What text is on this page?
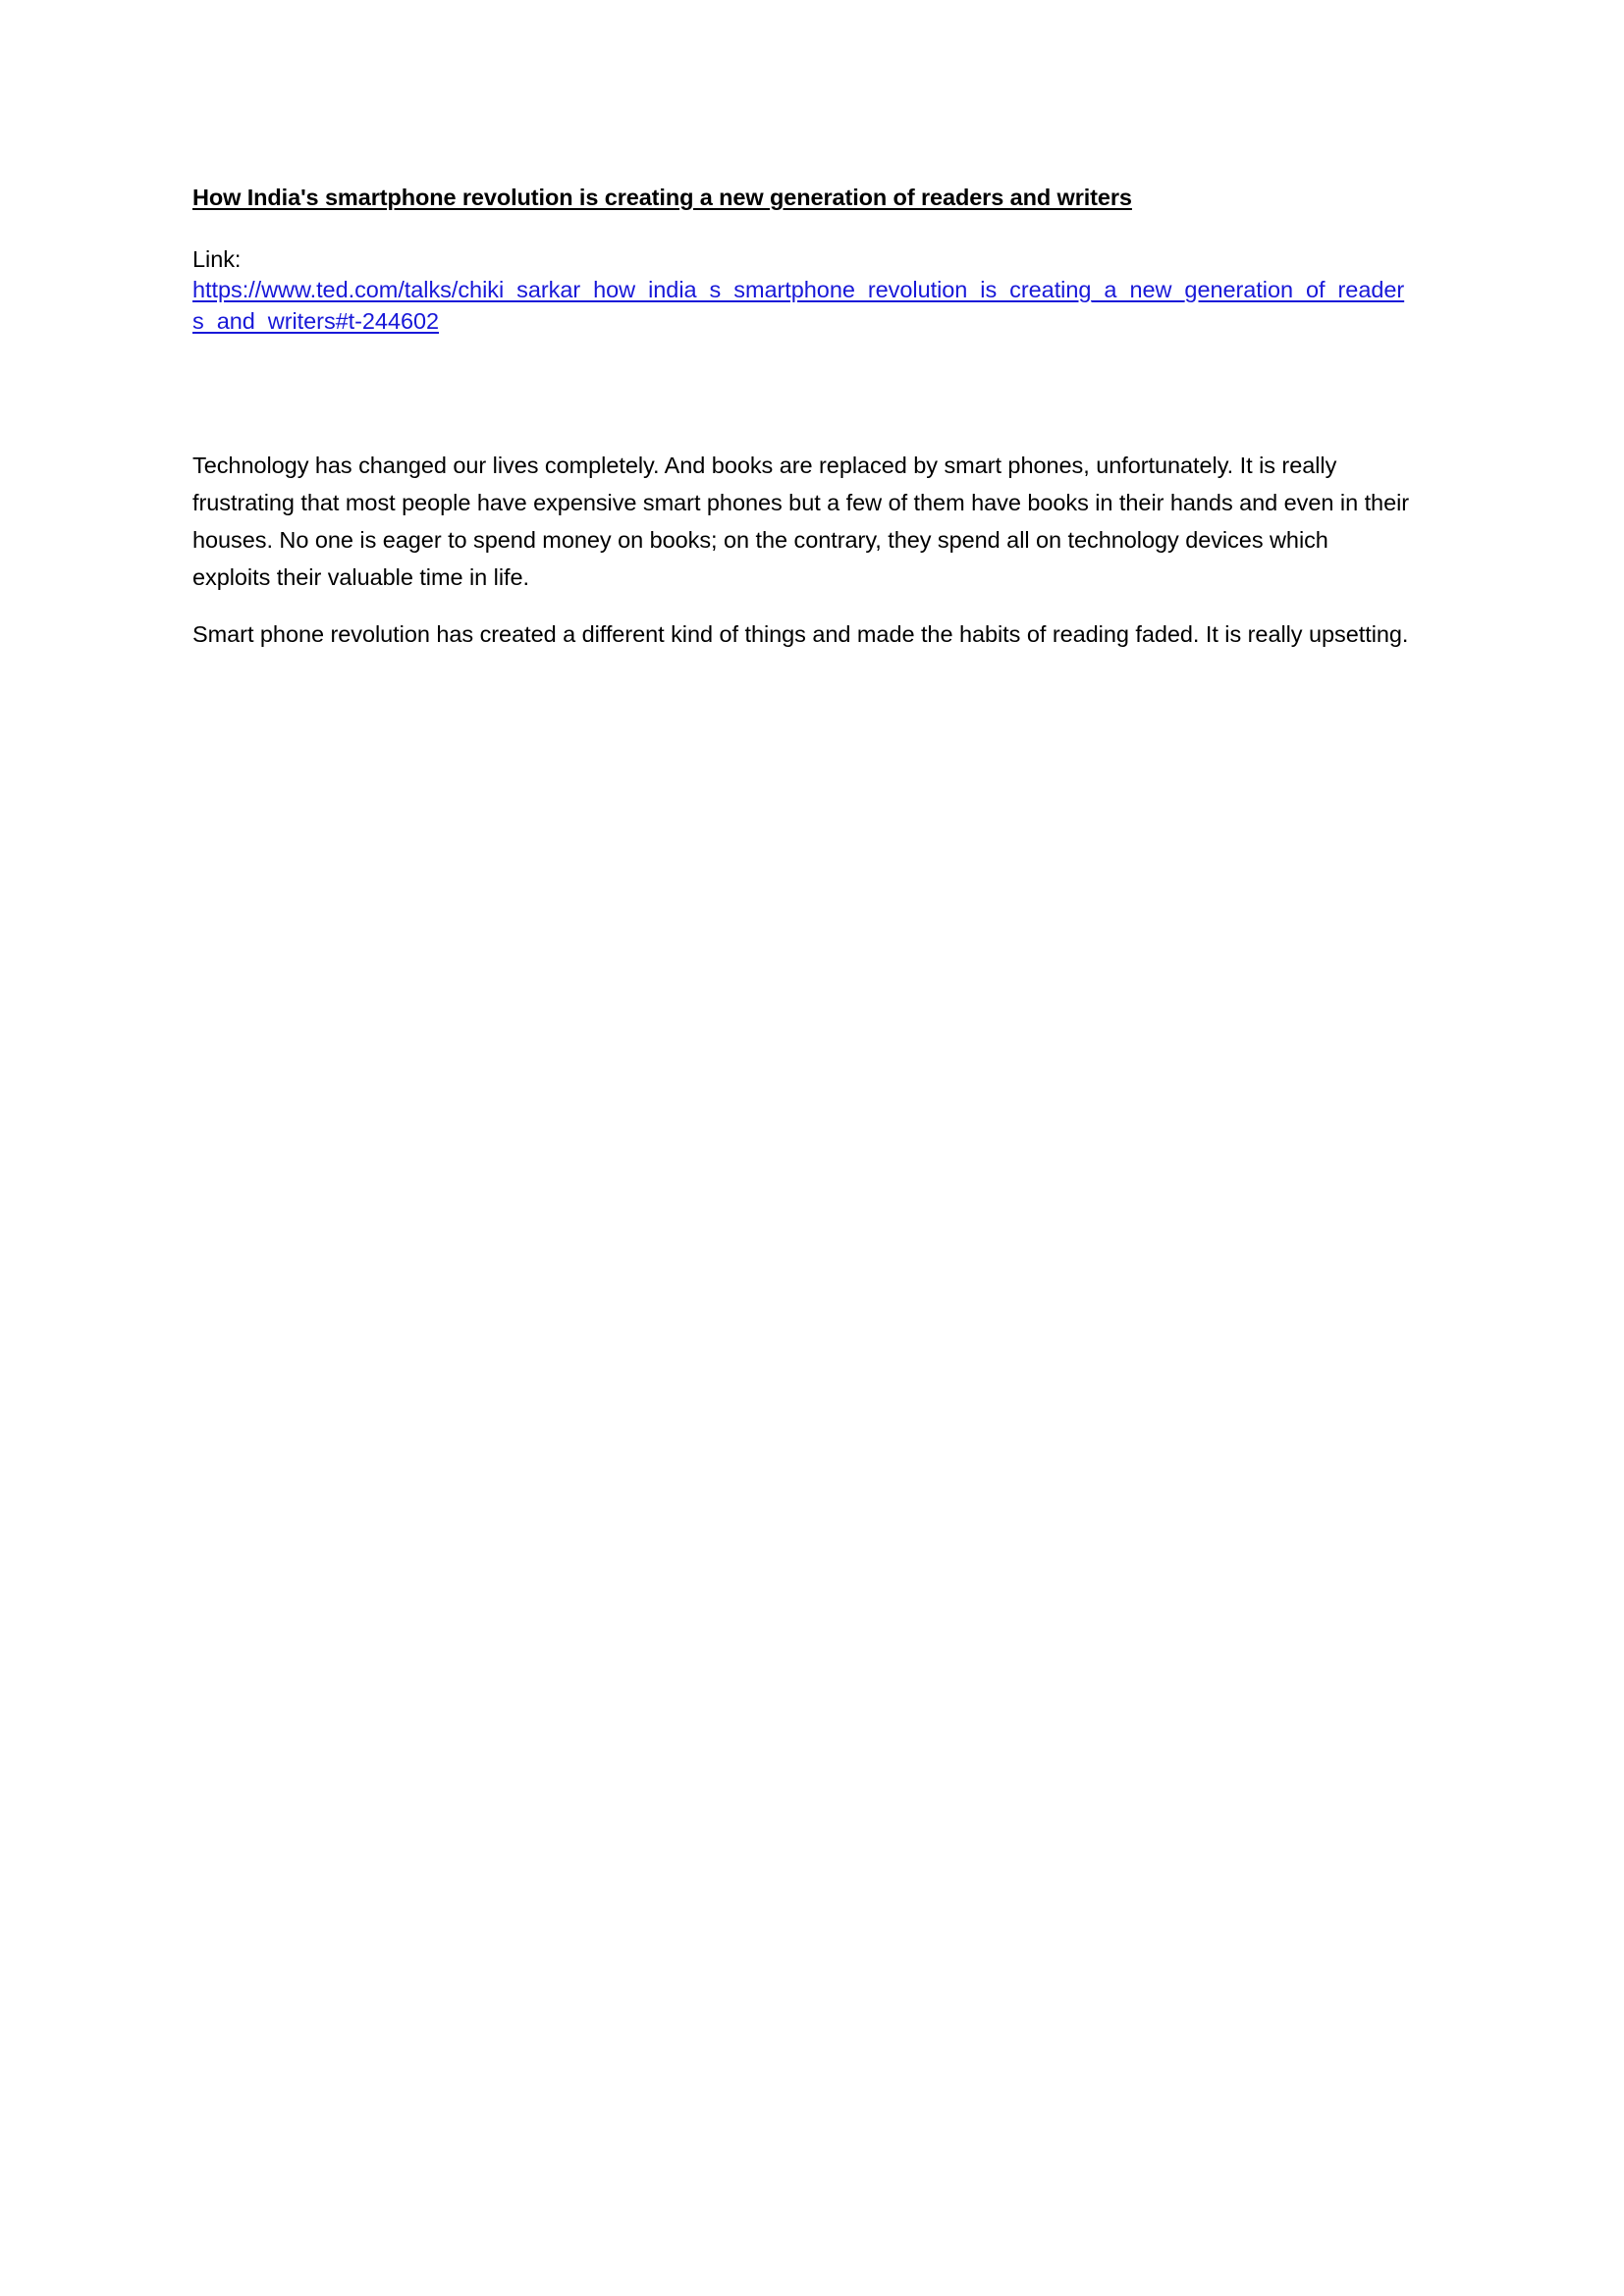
How India's smartphone revolution is creating a new generation of readers and writers

Link:

https://www.ted.com/talks/chiki_sarkar_how_india_s_smartphone_revolution_is_creating_a_new_generation_of_readers_and_writers#t-244602

Technology has changed our lives completely. And books are replaced by smart phones, unfortunately. It is really frustrating that most people have expensive smart phones but a few of them have books in their hands and even in their houses. No one is eager to spend money on books; on the contrary, they spend all on technology devices which exploits their valuable time in life.

Smart phone revolution has created a different kind of things and made the habits of reading faded. It is really upsetting.
